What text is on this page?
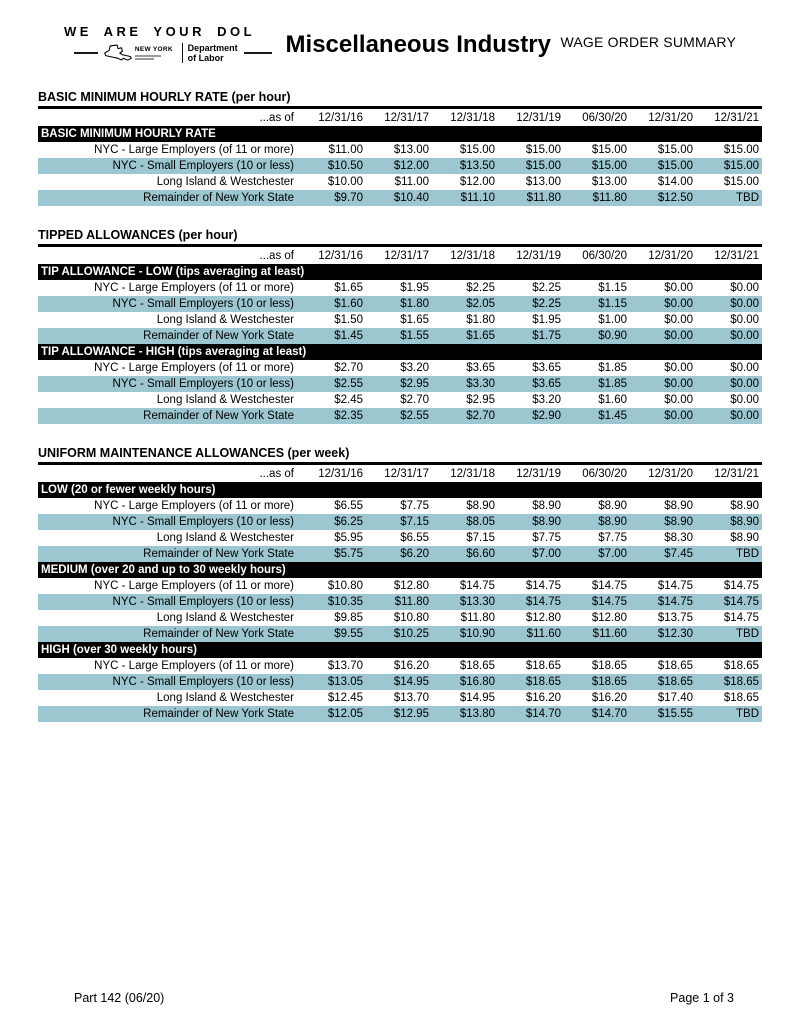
WE ARE YOUR DOL
NEW YORK Department
of Labor	Miscellaneous Industry WAGE ORDER SUMMARY
BASIC MINIMUM HOURLY RATE (per hour)
...as of	12/31/16	12/31/17	12/31/18	12/31/19	06/30/20	12/31/20	12/31/21
BASIC MINIMUM HOURLY RATE
NYC - Large Employers (of 11 or more)	$11.00	$13.00	$15.00	$15.00	$15.00	$15.00	$15.00
NYC - Small Employers (10 or less)	$10.50	$12.00	$13.50	$15.00	$15.00	$15.00	$15.00
Long Island & Westchester	$10.00	$11.00	$12.00	$13.00	$13.00	$14.00	$15.00
Remainder of New York State	$9.70	$10.40	$11.10	$11.80	$11.80	$12.50	TBD
TIPPED ALLOWANCES (per hour)
...as of	12/31/16	12/31/17	12/31/18	12/31/19	06/30/20	12/31/20	12/31/21
TIP ALLOWANCE - LOW (tips averaging at least)
NYC - Large Employers (of 11 or more)	$1.65	$1.95	$2.25	$2.25	$1.15	$0.00	$0.00
NYC - Small Employers (10 or less)	$1.60	$1.80	$2.05	$2.25	$1.15	$0.00	$0.00
Long Island & Westchester	$1.50	$1.65	$1.80	$1.95	$1.00	$0.00	$0.00
Remainder of New York State	$1.45	$1.55	$1.65	$1.75	$0.90	$0.00	$0.00
TIP ALLOWANCE - HIGH (tips averaging at least)
NYC - Large Employers (of 11 or more)	$2.70	$3.20	$3.65	$3.65	$1.85	$0.00	$0.00
NYC - Small Employers (10 or less)	$2.55	$2.95	$3.30	$3.65	$1.85	$0.00	$0.00
Long Island & Westchester	$2.45	$2.70	$2.95	$3.20	$1.60	$0.00	$0.00
Remainder of New York State	$2.35	$2.55	$2.70	$2.90	$1.45	$0.00	$0.00
UNIFORM MAINTENANCE ALLOWANCES (per week)
...as of	12/31/16	12/31/17	12/31/18	12/31/19	06/30/20	12/31/20	12/31/21
LOW (20 or fewer weekly hours)
NYC - Large Employers (of 11 or more)	$6.55	$7.75	$8.90	$8.90	$8.90	$8.90	$8.90
NYC - Small Employers (10 or less)	$6.25	$7.15	$8.05	$8.90	$8.90	$8.90	$8.90
Long Island & Westchester	$5.95	$6.55	$7.15	$7.75	$7.75	$8.30	$8.90
Remainder of New York State	$5.75	$6.20	$6.60	$7.00	$7.00	$7.45	TBD
MEDIUM (over 20 and up to 30 weekly hours)
NYC - Large Employers (of 11 or more)	$10.80	$12.80	$14.75	$14.75	$14.75	$14.75	$14.75
NYC - Small Employers (10 or less)	$10.35	$11.80	$13.30	$14.75	$14.75	$14.75	$14.75
Long Island & Westchester	$9.85	$10.80	$11.80	$12.80	$12.80	$13.75	$14.75
Remainder of New York State	$9.55	$10.25	$10.90	$11.60	$11.60	$12.30	TBD
HIGH (over 30 weekly hours)
NYC - Large Employers (of 11 or more)	$13.70	$16.20	$18.65	$18.65	$18.65	$18.65	$18.65
NYC - Small Employers (10 or less)	$13.05	$14.95	$16.80	$18.65	$18.65	$18.65	$18.65
Long Island & Westchester	$12.45	$13.70	$14.95	$16.20	$16.20	$17.40	$18.65
Remainder of New York State	$12.05	$12.95	$13.80	$14.70	$14.70	$15.55	TBD
Part 142 (06/20)	Page 1 of 3
